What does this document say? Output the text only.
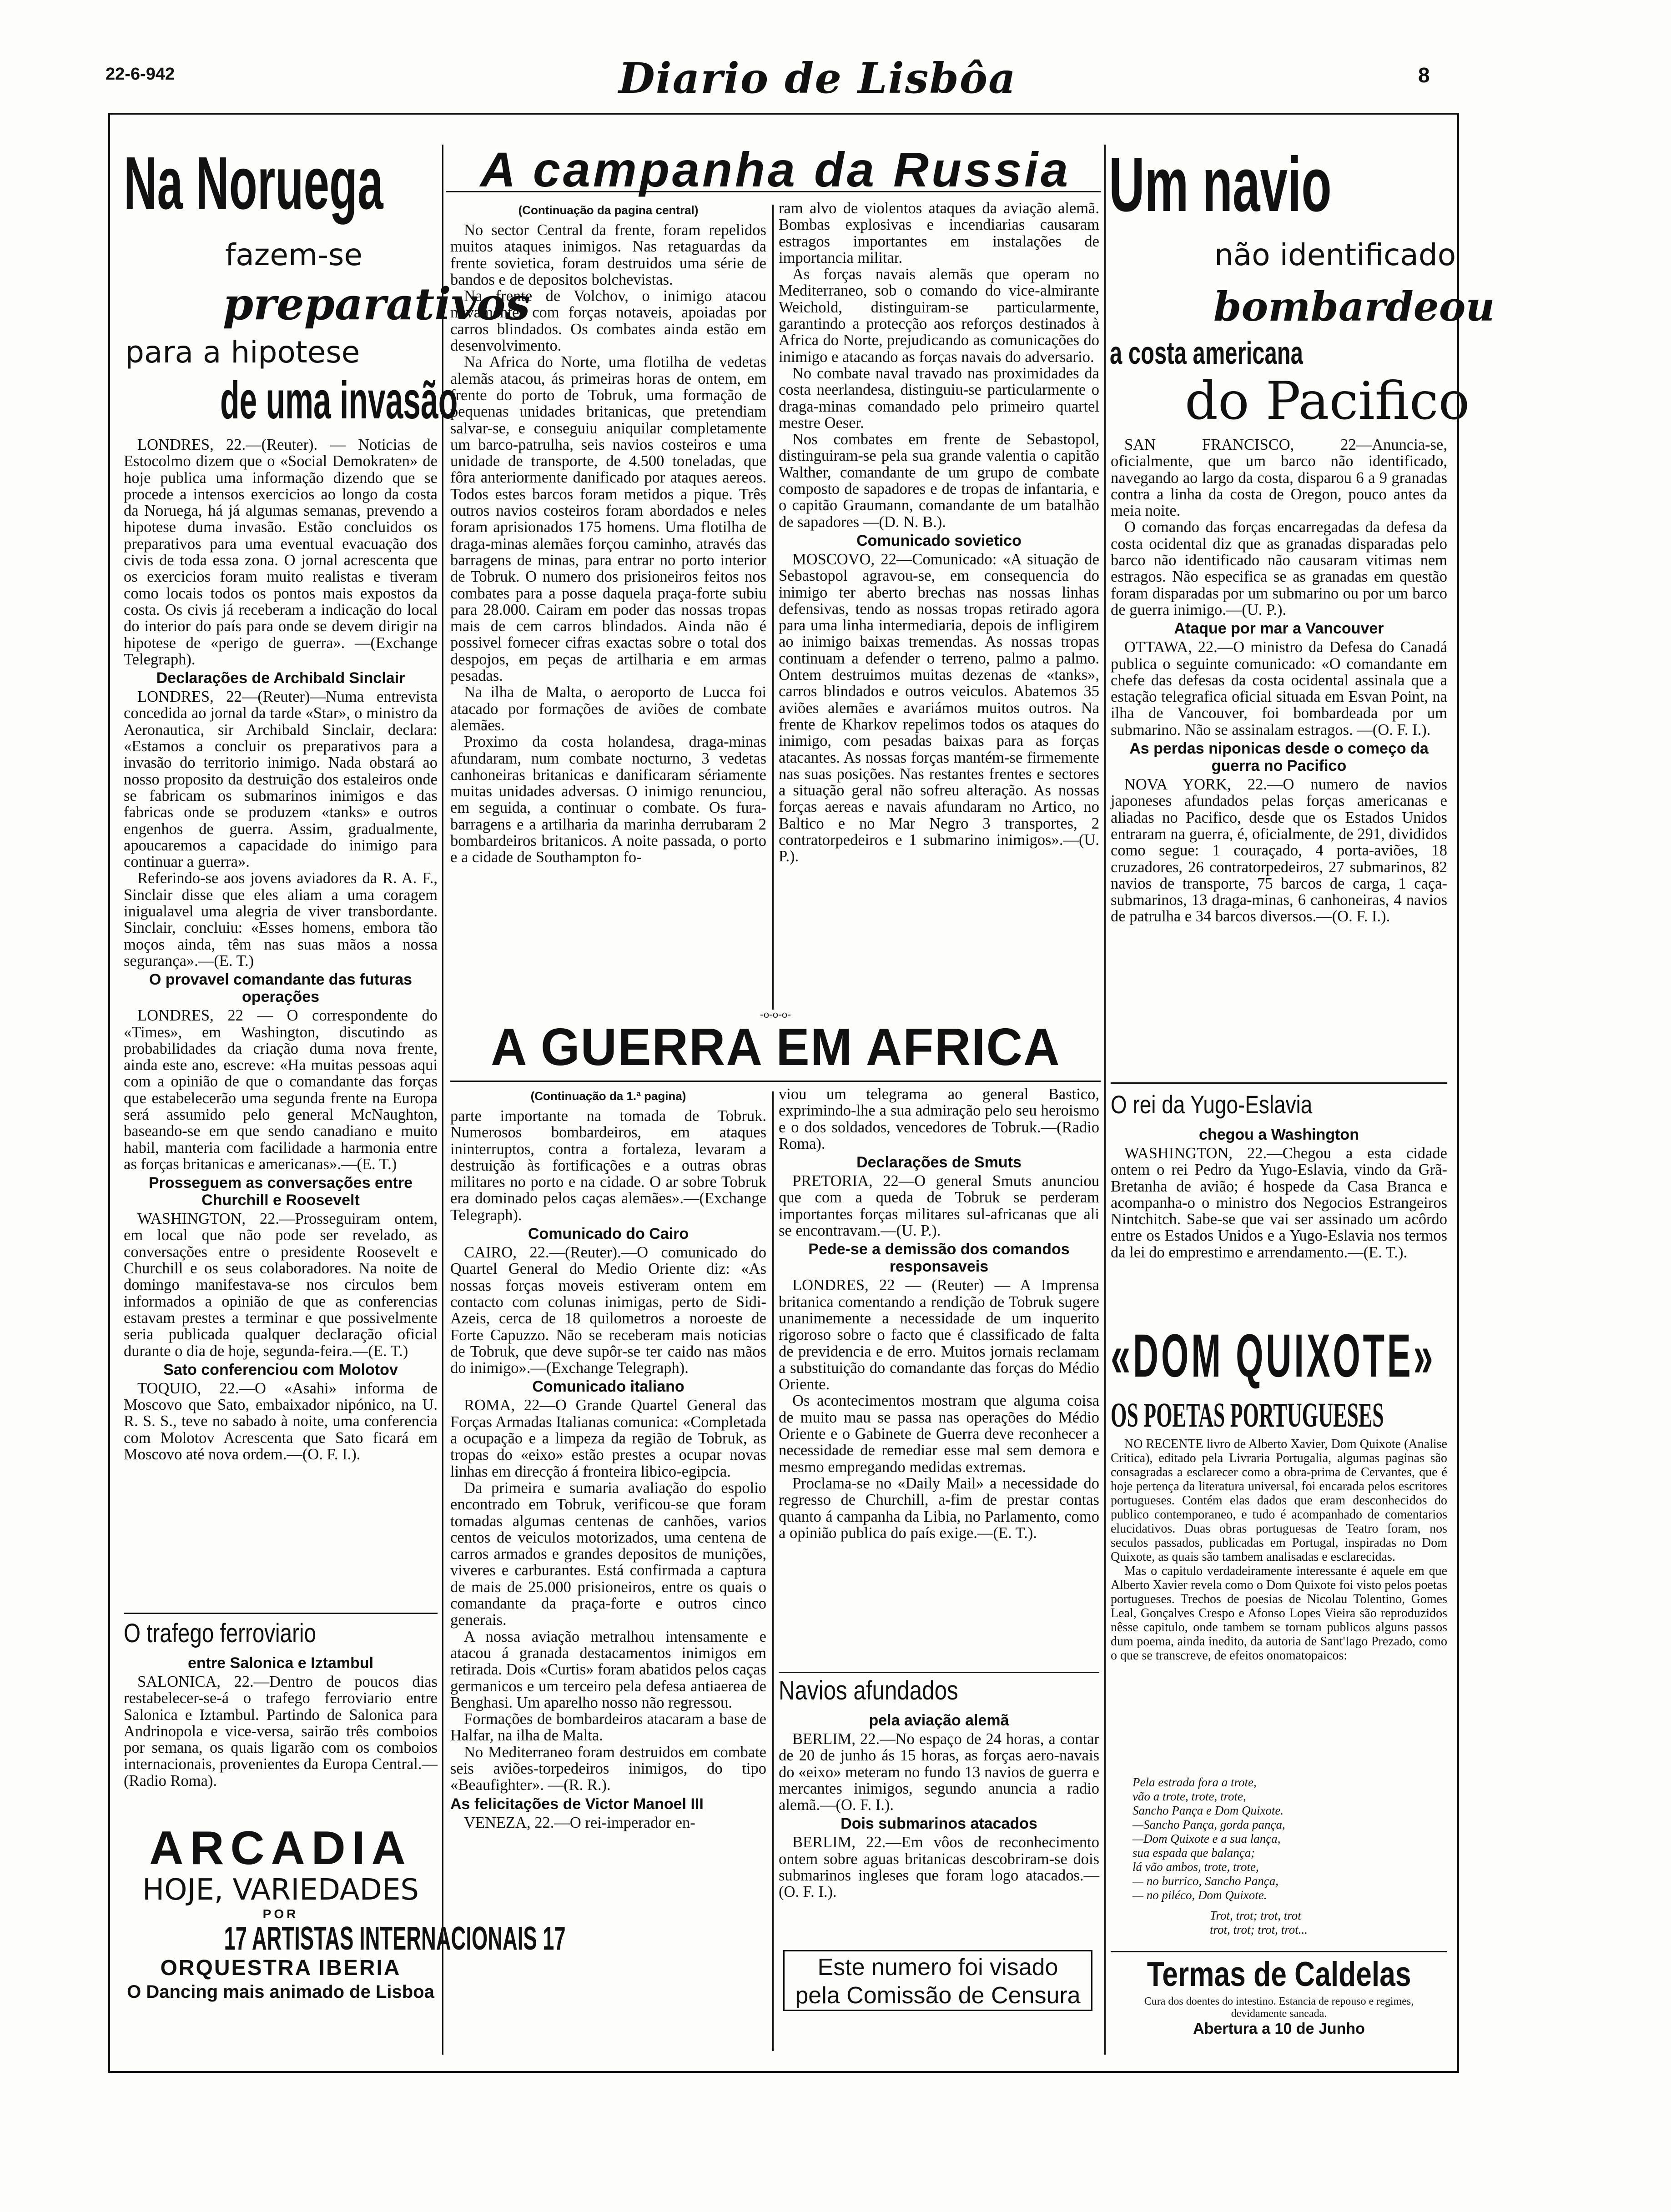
22-6-942	Diario de Lisbôa	8
Na Noruega
fazem-se
preparativos
para a hipotese
de uma invasão

LONDRES, 22.—(Reuter). — Noticias de Estocolmo dizem que o «Social Demokraten» de hoje publica uma informação dizendo que se procede a intensos exercicios ao longo da costa da Noruega, há já algumas semanas, prevendo a hipotese duma invasão. Estão concluidos os preparativos para uma eventual evacuação dos civis de toda essa zona. O jornal acrescenta que os exercicios foram muito realistas e tiveram como locais todos os pontos mais expostos da costa. Os civis já receberam a indicação do local do interior do país para onde se devem dirigir na hipotese de «perigo de guerra». —(Exchange Telegraph).

Declarações de Archibald Sinclair

LONDRES, 22—(Reuter)—Numa entrevista concedida ao jornal da tarde «Star», o ministro da Aeronautica, sir Archibald Sinclair, declara: «Estamos a concluir os preparativos para a invasão do territorio inimigo. Nada obstará ao nosso proposito da destruição dos estaleiros onde se fabricam os submarinos inimigos e das fabricas onde se produzem «tanks» e outros engenhos de guerra. Assim, gradualmente, apoucaremos a capacidade do inimigo para continuar a guerra».

Referindo-se aos jovens aviadores da R. A. F., Sinclair disse que eles aliam a uma coragem inigualavel uma alegria de viver transbordante. Sinclair, concluiu: «Esses homens, embora tão moços ainda, têm nas suas mãos a nossa segurança».—(E. T.)

O provavel comandante das futuras operações

LONDRES, 22 — O correspondente do «Times», em Washington, discutindo as probabilidades da criação duma nova frente, ainda este ano, escreve: «Ha muitas pessoas aqui com a opinião de que o comandante das forças que estabelecerão uma segunda frente na Europa será assumido pelo general McNaughton, baseando-se em que sendo canadiano e muito habil, manteria com facilidade a harmonia entre as forças britanicas e americanas».—(E. T.)

Prosseguem as conversações entre Churchill e Roosevelt

WASHINGTON, 22.—Prosseguiram ontem, em local que não pode ser revelado, as conversações entre o presidente Roosevelt e Churchill e os seus colaboradores. Na noite de domingo manifestava-se nos circulos bem informados a opinião de que as conferencias estavam prestes a terminar e que possivelmente seria publicada qualquer declaração oficial durante o dia de hoje, segunda-feira.—(E. T.)

Sato conferenciou com Molotov

TOQUIO, 22.—O «Asahi» informa de Moscovo que Sato, embaixador nipónico, na U. R. S. S., teve no sabado à noite, uma conferencia com Molotov Acrescenta que Sato ficará em Moscovo até nova ordem.—(O. F. I.).

O trafego ferroviario
entre Salonica e Iztambul

SALONICA, 22.—Dentro de poucos dias restabelecer-se-á o trafego ferroviario entre Salonica e Iztambul. Partindo de Salonica para Andrinopola e vice-versa, sairão três comboios por semana, os quais ligarão com os comboios internacionais, provenientes da Europa Central.—(Radio Roma).

ARCADIA
HOJE, VARIEDADES
POR
17 ARTISTAS INTERNACIONAIS 17
ORQUESTRA IBERIA
O Dancing mais animado de Lisboa
A campanha da Russia
(Continuação da pagina central)

No sector Central da frente, foram repelidos muitos ataques inimigos. Nas retaguardas da frente sovietica, foram destruidos uma série de bandos e de depositos bolchevistas.

Na frente de Volchov, o inimigo atacou novamente, com forças notaveis, apoiadas por carros blindados. Os combates ainda estão em desenvolvimento.

Na Africa do Norte, uma flotilha de vedetas alemãs atacou, ás primeiras horas de ontem, em frente do porto de Tobruk, uma formação de pequenas unidades britanicas, que pretendiam salvar-se, e conseguiu aniquilar completamente um barco-patrulha, seis navios costeiros e uma unidade de transporte, de 4.500 toneladas, que fôra anteriormente danificado por ataques aereos. Todos estes barcos foram metidos a pique. Três outros navios costeiros foram abordados e neles foram aprisionados 175 homens. Uma flotilha de draga-minas alemães forçou caminho, através das barragens de minas, para entrar no porto interior de Tobruk. O numero dos prisioneiros feitos nos combates para a posse daquela praça-forte subiu para 28.000. Cairam em poder das nossas tropas mais de cem carros blindados. Ainda não é possivel fornecer cifras exactas sobre o total dos despojos, em peças de artilharia e em armas pesadas.

Na ilha de Malta, o aeroporto de Lucca foi atacado por formações de aviões de combate alemães.

Proximo da costa holandesa, draga-minas afundaram, num combate nocturno, 3 vedetas canhoneiras britanicas e danificaram sériamente muitas unidades adversas. O inimigo renunciou, em seguida, a continuar o combate. Os fura-barragens e a artilharia da marinha derrubaram 2 bombardeiros britanicos. A noite passada, o porto e a cidade de Southampton fo-

ram alvo de violentos ataques da aviação alemã. Bombas explosivas e incendiarias causaram estragos importantes em instalações de importancia militar.

As forças navais alemãs que operam no Mediterraneo, sob o comando do vice-almirante Weichold, distinguiram-se particularmente, garantindo a protecção aos reforços destinados à Africa do Norte, prejudicando as comunicações do inimigo e atacando as forças navais do adversario.

No combate naval travado nas proximidades da costa neerlandesa, distinguiu-se particularmente o draga-minas comandado pelo primeiro quartel mestre Oeser.

Nos combates em frente de Sebastopol, distinguiram-se pela sua grande valentia o capitão Walther, comandante de um grupo de combate composto de sapadores e de tropas de infantaria, e o capitão Graumann, comandante de um batalhão de sapadores —(D. N. B.).

Comunicado sovietico

MOSCOVO, 22—Comunicado: «A situação de Sebastopol agravou-se, em consequencia do inimigo ter aberto brechas nas nossas linhas defensivas, tendo as nossas tropas retirado agora para uma linha intermediaria, depois de infligirem ao inimigo baixas tremendas. As nossas tropas continuam a defender o terreno, palmo a palmo. Ontem destruimos muitas dezenas de «tanks», carros blindados e outros veiculos. Abatemos 35 aviões alemães e avariámos muitos outros. Na frente de Kharkov repelimos todos os ataques do inimigo, com pesadas baixas para as forças atacantes. As nossas forças mantém-se firmemente nas suas posições. Nas restantes frentes e sectores a situação geral não sofreu alteração. As nossas forças aereas e navais afundaram no Artico, no Baltico e no Mar Negro 3 transportes, 2 contratorpedeiros e 1 submarino inimigos».—(U. P.).

-o-o-o-
A GUERRA EM AFRICA
(Continuação da 1.ª pagina)

parte importante na tomada de Tobruk. Numerosos bombardeiros, em ataques ininterruptos, contra a fortaleza, levaram a destruição às fortificações e a outras obras militares no porto e na cidade. O ar sobre Tobruk era dominado pelos caças alemães».—(Exchange Telegraph).

Comunicado do Cairo

CAIRO, 22.—(Reuter).—O comunicado do Quartel General do Medio Oriente diz: «As nossas forças moveis estiveram ontem em contacto com colunas inimigas, perto de Sidi-Azeis, cerca de 18 quilometros a noroeste de Forte Capuzzo. Não se receberam mais noticias de Tobruk, que deve supôr-se ter caido nas mãos do inimigo».—(Exchange Telegraph).

Comunicado italiano

ROMA, 22—O Grande Quartel General das Forças Armadas Italianas comunica: «Completada a ocupação e a limpeza da região de Tobruk, as tropas do «eixo» estão prestes a ocupar novas linhas em direcção á fronteira libico-egipcia.

Da primeira e sumaria avaliação do espolio encontrado em Tobruk, verificou-se que foram tomadas algumas centenas de canhões, varios centos de veiculos motorizados, uma centena de carros armados e grandes depositos de munições, viveres e carburantes. Está confirmada a captura de mais de 25.000 prisioneiros, entre os quais o comandante da praça-forte e outros cinco generais.

A nossa aviação metralhou intensamente e atacou á granada destacamentos inimigos em retirada. Dois «Curtis» foram abatidos pelos caças germanicos e um terceiro pela defesa antiaerea de Benghasi. Um aparelho nosso não regressou.

Formações de bombardeiros atacaram a base de Halfar, na ilha de Malta.

No Mediterraneo foram destruidos em combate seis aviões-torpedeiros inimigos, do tipo «Beaufighter». —(R. R.).

As felicitações de Victor Manoel III

VENEZA, 22.—O rei-imperador en-

viou um telegrama ao general Bastico, exprimindo-lhe a sua admiração pelo seu heroismo e o dos soldados, vencedores de Tobruk.—(Radio Roma).

Declarações de Smuts

PRETORIA, 22—O general Smuts anunciou que com a queda de Tobruk se perderam importantes forças militares sul-africanas que ali se encontravam.—(U. P.).

Pede-se a demissão dos comandos responsaveis

LONDRES, 22 — (Reuter) — A Imprensa britanica comentando a rendição de Tobruk sugere unanimemente a necessidade de um inquerito rigoroso sobre o facto que é classificado de falta de previdencia e de erro. Muitos jornais reclamam a substituição do comandante das forças do Médio Oriente.

Os acontecimentos mostram que alguma coisa de muito mau se passa nas operações do Médio Oriente e o Gabinete de Guerra deve reconhecer a necessidade de remediar esse mal sem demora e mesmo empregando medidas extremas.

Proclama-se no «Daily Mail» a necessidade do regresso de Churchill, a-fim de prestar contas quanto á campanha da Libia, no Parlamento, como a opinião publica do país exige.—(E. T.).

Navios afundados
pela aviação alemã

BERLIM, 22.—No espaço de 24 horas, a contar de 20 de junho ás 15 horas, as forças aero-navais do «eixo» meteram no fundo 13 navios de guerra e mercantes inimigos, segundo anuncia a radio alemã.—(O. F. I.).

Dois submarinos atacados

BERLIM, 22.—Em vôos de reconhecimento ontem sobre aguas britanicas descobriram-se dois submarinos ingleses que foram logo atacados.—(O. F. I.).

Este numero foi visado
pela Comissão de Censura
Um navio
não identificado
bombardeou
a costa americana
do Pacifico

SAN FRANCISCO, 22—Anuncia-se, oficialmente, que um barco não identificado, navegando ao largo da costa, disparou 6 a 9 granadas contra a linha da costa de Oregon, pouco antes da meia noite.

O comando das forças encarregadas da defesa da costa ocidental diz que as granadas disparadas pelo barco não identificado não causaram vitimas nem estragos. Não especifica se as granadas em questão foram disparadas por um submarino ou por um barco de guerra inimigo.—(U. P.).

Ataque por mar a Vancouver

OTTAWA, 22.—O ministro da Defesa do Canadá publica o seguinte comunicado: «O comandante em chefe das defesas da costa ocidental assinala que a estação telegrafica oficial situada em Esvan Point, na ilha de Vancouver, foi bombardeada por um submarino. Não se assinalam estragos. —(O. F. I.).

As perdas niponicas desde o começo da guerra no Pacifico

NOVA YORK, 22.—O numero de navios japoneses afundados pelas forças americanas e aliadas no Pacifico, desde que os Estados Unidos entraram na guerra, é, oficialmente, de 291, divididos como segue: 1 couraçado, 4 porta-aviões, 18 cruzadores, 26 contratorpedeiros, 27 submarinos, 82 navios de transporte, 75 barcos de carga, 1 caça-submarinos, 13 draga-minas, 6 canhoneiras, 4 navios de patrulha e 34 barcos diversos.—(O. F. I.).

O rei da Yugo-Eslavia
chegou a Washington

WASHINGTON, 22.—Chegou a esta cidade ontem o rei Pedro da Yugo-Eslavia, vindo da Grã-Bretanha de avião; é hospede da Casa Branca e acompanha-o o ministro dos Negocios Estrangeiros Nintchitch. Sabe-se que vai ser assinado um acôrdo entre os Estados Unidos e a Yugo-Eslavia nos termos da lei do emprestimo e arrendamento.—(E. T.).

«DOM QUIXOTE»
OS POETAS PORTUGUESES

NO RECENTE livro de Alberto Xavier, Dom Quixote (Analise Critica), editado pela Livraria Portugalia, algumas paginas são consagradas a esclarecer como a obra-prima de Cervantes, que é hoje pertença da literatura universal, foi encarada pelos escritores portugueses. Contém elas dados que eram desconhecidos do publico contemporaneo, e tudo é acompanhado de comentarios elucidativos. Duas obras portuguesas de Teatro foram, nos seculos passados, publicadas em Portugal, inspiradas no Dom Quixote, as quais são tambem analisadas e esclarecidas.

Mas o capitulo verdadeiramente interessante é aquele em que Alberto Xavier revela como o Dom Quixote foi visto pelos poetas portugueses. Trechos de poesias de Nicolau Tolentino, Gomes Leal, Gonçalves Crespo e Afonso Lopes Vieira são reproduzidos nêsse capitulo, onde tambem se tornam publicos alguns passos dum poema, ainda inedito, da autoria de Sant'Iago Prezado, como o que se transcreve, de efeitos onomatopaicos:

Pela estrada fora a trote,

vão a trote, trote, trote,

Sancho Pança e Dom Quixote.

—Sancho Pança, gorda pança,

—Dom Quixote e a sua lança,

sua espada que balança;

lá vão ambos, trote, trote,

— no burrico, Sancho Pança,

— no piléco, Dom Quixote.

Trot, trot; trot, trot

trot, trot; trot, trot...

Termas de Caldelas
Cura dos doentes do intestino. Estancia de repouso e regimes, devidamente saneada.
Abertura a 10 de Junho
